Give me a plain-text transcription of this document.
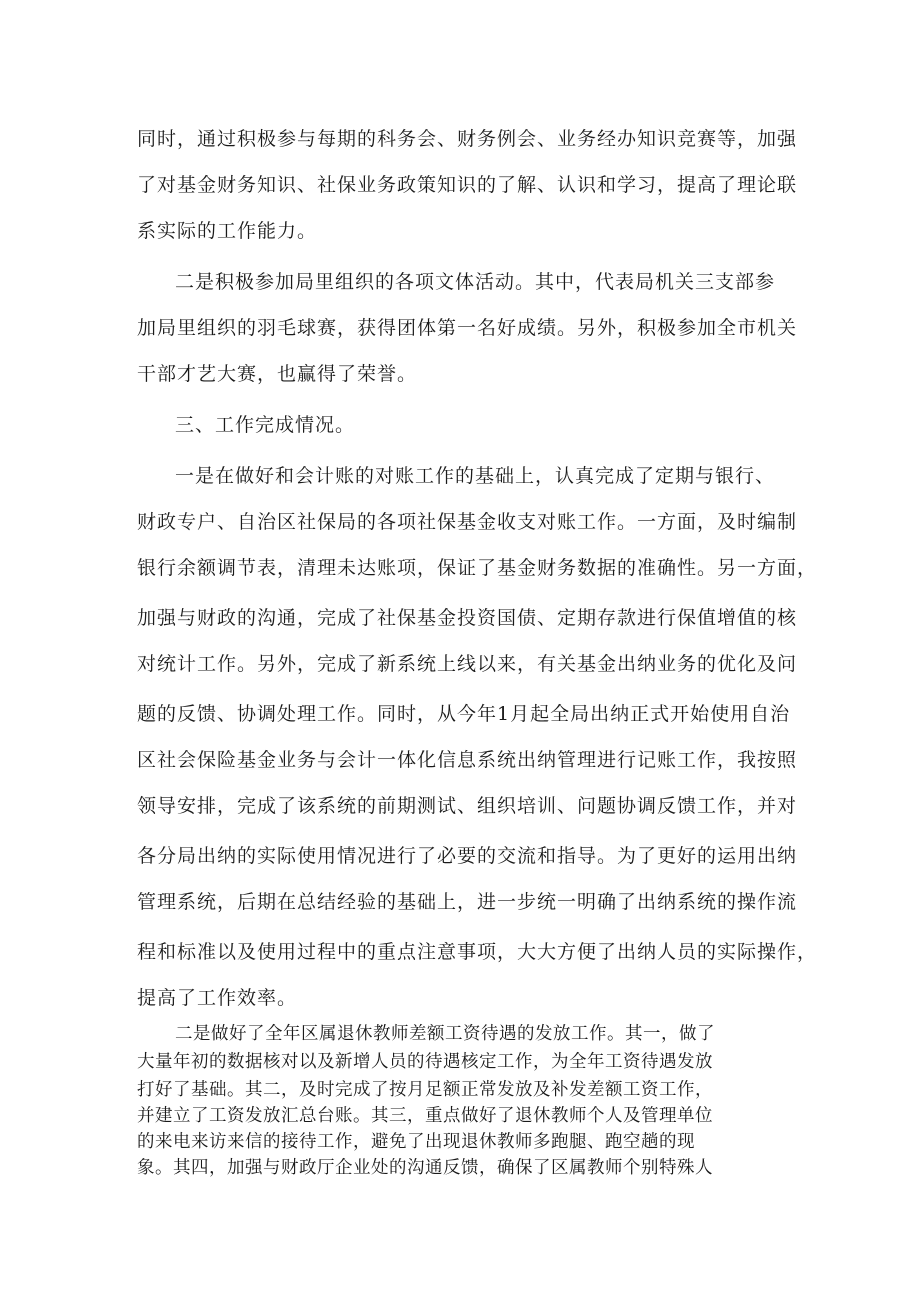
同时，通过积极参与每期的科务会、财务例会、业务经办知识竞赛等，加强
了对基金财务知识、社保业务政策知识的了解、认识和学习，提高了理论联
系实际的工作能力。
二是积极参加局里组织的各项文体活动。其中，代表局机关三支部参
加局里组织的羽毛球赛，获得团体第一名好成绩。另外，积极参加全市机关
干部才艺大赛，也赢得了荣誉。
三、工作完成情况。
一是在做好和会计账的对账工作的基础上，认真完成了定期与银行、
财政专户、自治区社保局的各项社保基金收支对账工作。一方面，及时编制
银行余额调节表，清理未达账项，保证了基金财务数据的准确性。另一方面，
加强与财政的沟通，完成了社保基金投资国债、定期存款进行保值增值的核
对统计工作。另外，完成了新系统上线以来，有关基金出纳业务的优化及问
题的反馈、协调处理工作。同时，从今年1月起全局出纳正式开始使用自治
区社会保险基金业务与会计一体化信息系统出纳管理进行记账工作，我按照
领导安排，完成了该系统的前期测试、组织培训、问题协调反馈工作，并对
各分局出纳的实际使用情况进行了必要的交流和指导。为了更好的运用出纳
管理系统，后期在总结经验的基础上，进一步统一明确了出纳系统的操作流
程和标准以及使用过程中的重点注意事项，大大方便了出纳人员的实际操作，
提高了工作效率。
二是做好了全年区属退休教师差额工资待遇的发放工作。其一，做了
大量年初的数据核对以及新增人员的待遇核定工作，为全年工资待遇发放
打好了基础。其二，及时完成了按月足额正常发放及补发差额工资工作，
并建立了工资发放汇总台账。其三，重点做好了退休教师个人及管理单位
的来电来访来信的接待工作，避免了出现退休教师多跑腿、跑空趟的现
象。其四，加强与财政厅企业处的沟通反馈，确保了区属教师个别特殊人
